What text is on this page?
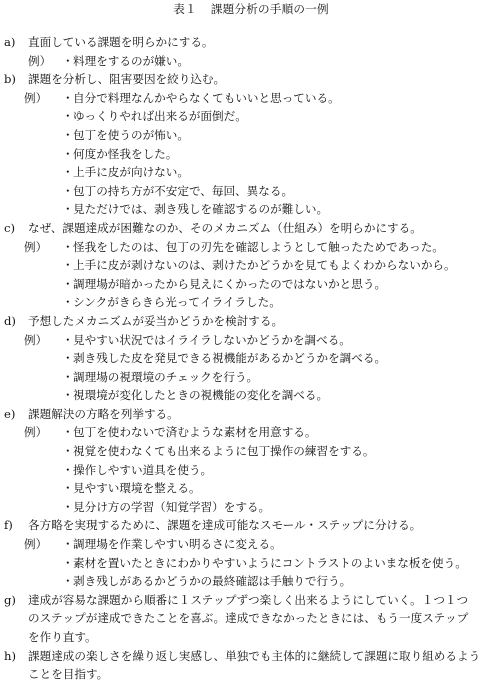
表１ 課題分析の手順の一例
a)	直面している課題を明らかにする。
例） ・ 料理をするのが嫌い。
b)	課題を分析し、阻害要因を絞り込む。
例） ・ 自分で料理なんかやらなくてもいいと思っている。
・ ゆっくりやれば出来るが面倒だ。
・ 包丁を使うのが怖い。
・ 何度か怪我をした。
・ 上手に皮が向けない。
・ 包丁の持ち方が不安定で、毎回、異なる。
・ 見ただけでは、剥き残しを確認するのが難しい。
c)	なぜ、課題達成が困難なのか、そのメカニズム（仕組み）を明らかにする。
例） ・ 怪我をしたのは、包丁の刃先を確認しようとして触ったためであった。
・ 上手に皮が剥けないのは、剥けたかどうかを見てもよくわからないから。
・ 調理場が暗かったから見えにくかったのではないかと思う。
・ シンクがきらきら光ってイライラした。
d)	予想したメカニズムが妥当かどうかを検討する。
例） ・ 見やすい状況ではイライラしないかどうかを調べる。
・ 剥き残した皮を発見できる視機能があるかどうかを調べる。
・ 調理場の視環境のチェックを行う。
・ 視環境が変化したときの視機能の変化を調べる。
e)	課題解決の方略を列挙する。
例） ・ 包丁を使わないで済むような素材を用意する。
・ 視覚を使わなくても出来るように包丁操作の練習をする。
・ 操作しやすい道具を使う。
・ 見やすい環境を整える。
・ 見分け方の学習（知覚学習）をする。
f)	各方略を実現するために、課題を達成可能なスモール・ステップに分ける。
例） ・ 調理場を作業しやすい明るさに変える。
・ 素材を置いたときにわかりやすいようにコントラストのよいまな板を使う。
・ 剥き残しがあるかどうかの最終確認は手触りで行う。
g)	達成が容易な課題から順番に１ステップずつ楽しく出来るようにしていく。１つ１つ
のステップが達成できたことを喜ぶ。達成できなかったときには、もう一度ステップ
を作り直す。
h)	課題達成の楽しさを繰り返し実感し、単独でも主体的に継続して課題に取り組めるよう
ことを目指す。
